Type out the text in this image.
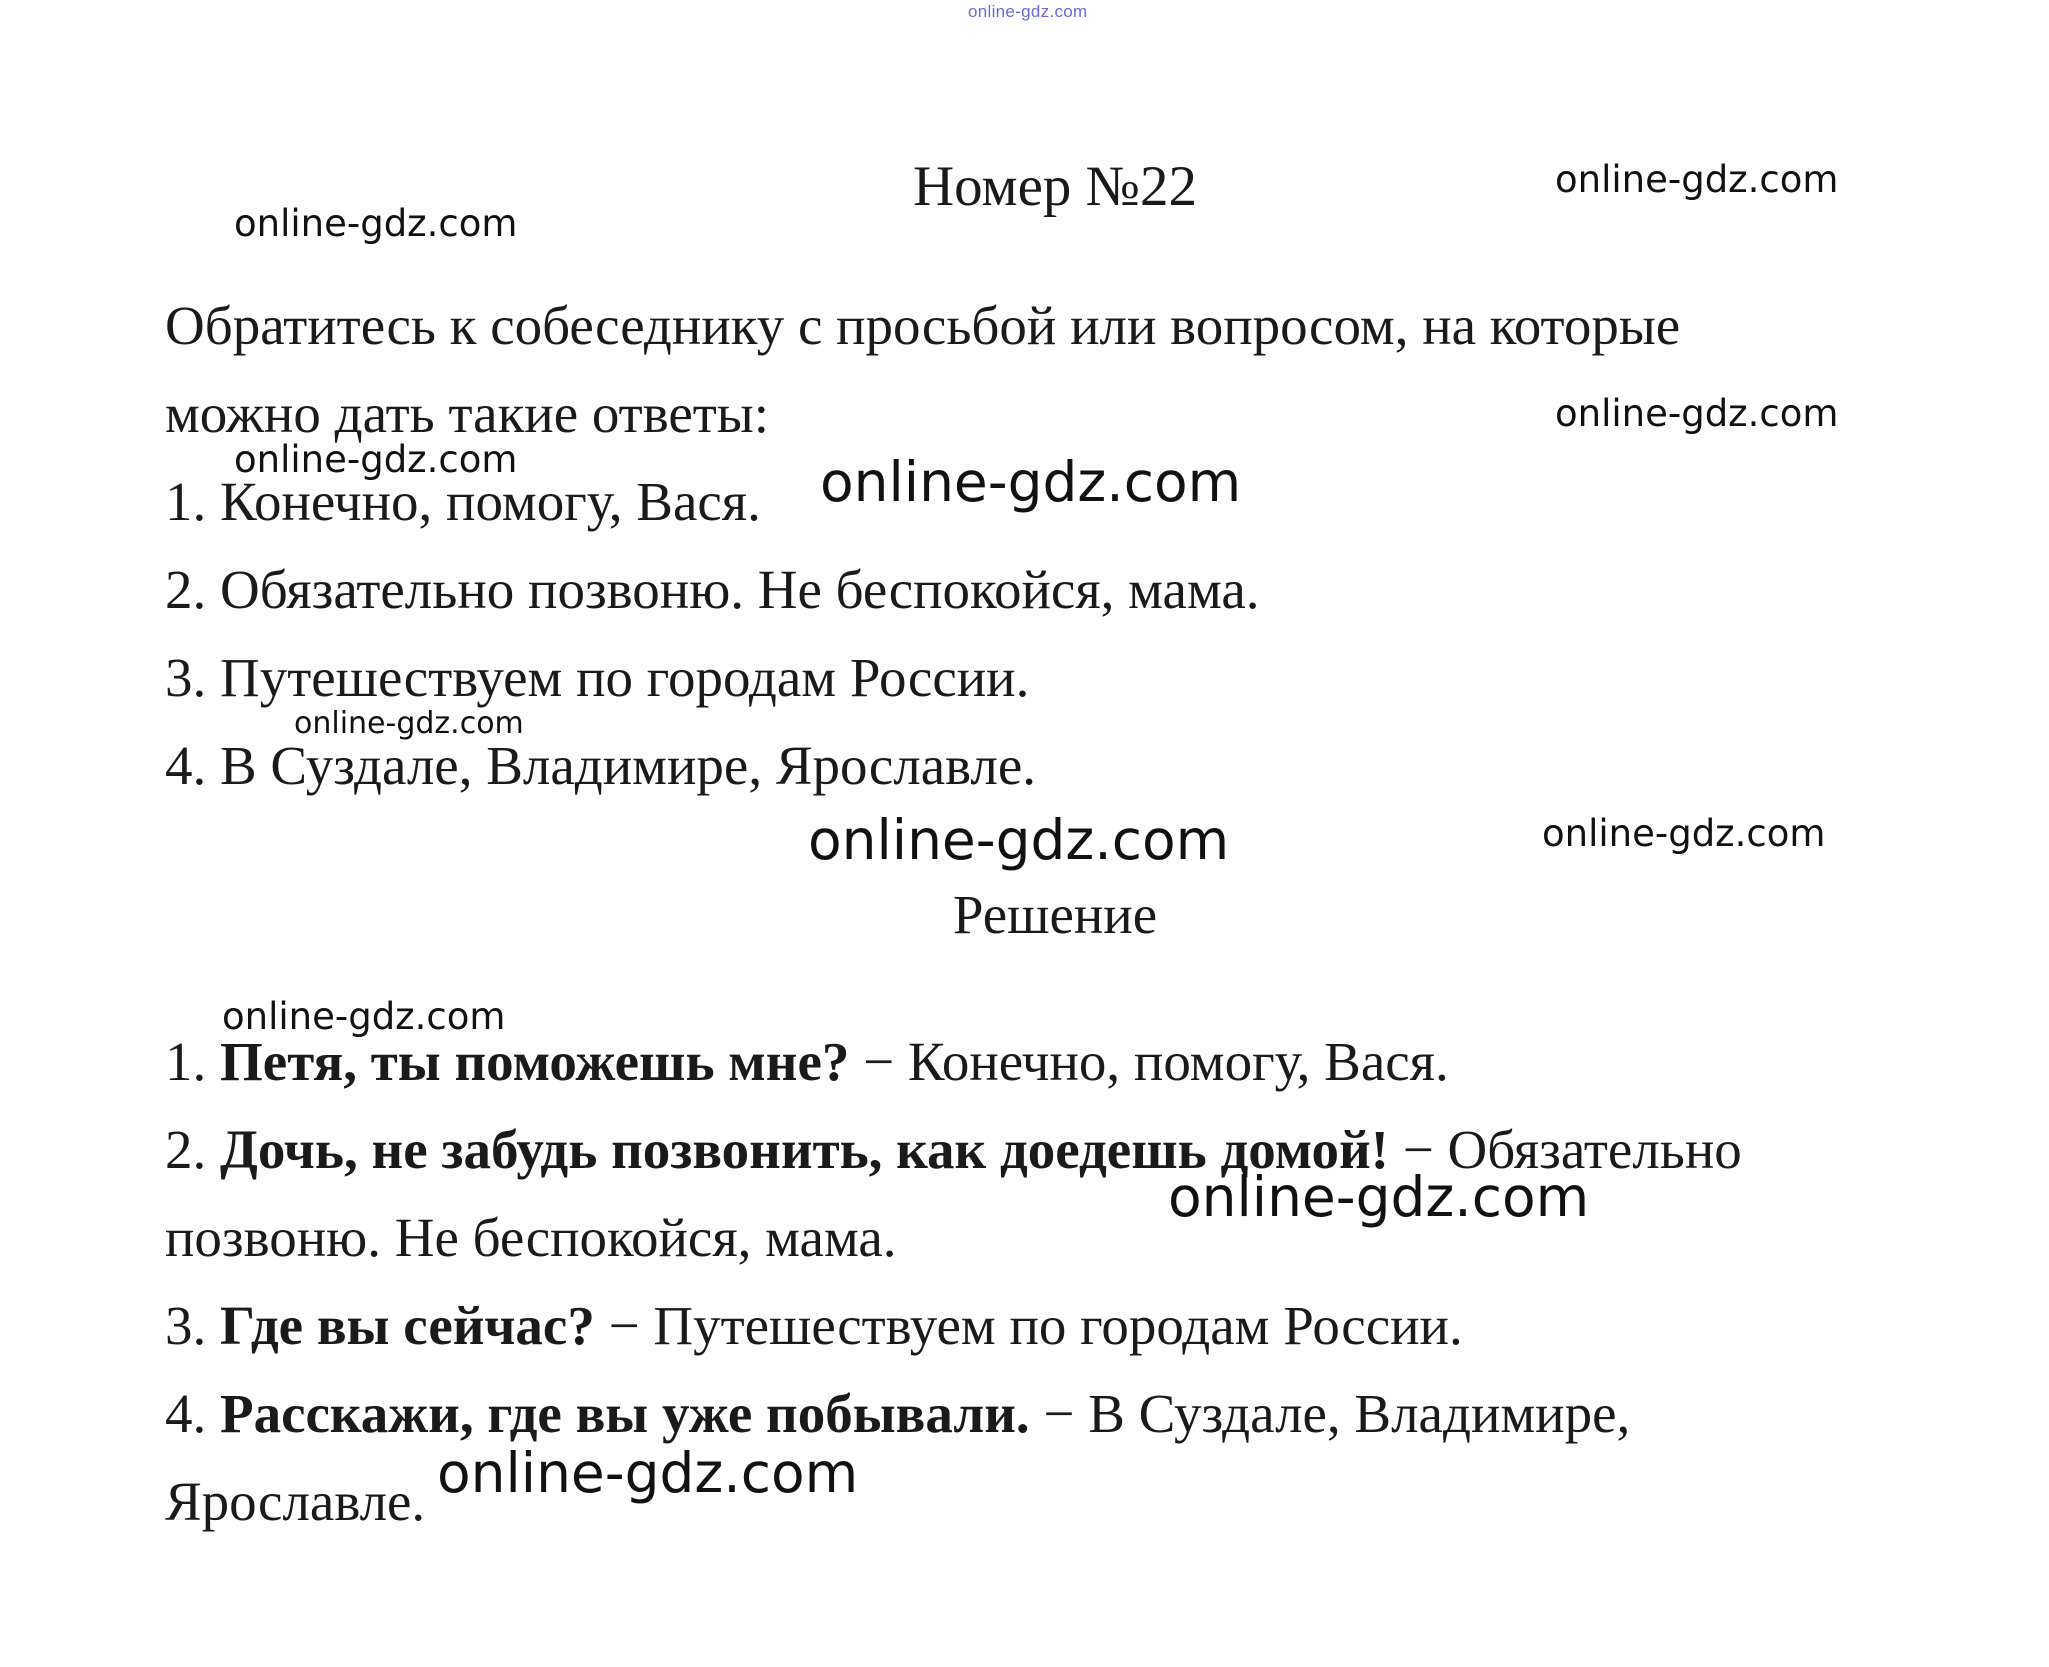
online-gdz.com
Номер №22
Обратитесь к собеседнику с просьбой или вопросом, на которые
можно дать такие ответы:
1. Конечно, помогу, Вася.
2. Обязательно позвоню. Не беспокойся, мама.
3. Путешествуем по городам России.
4. В Суздале, Владимире, Ярославле.
Решение
1. Петя, ты поможешь мне? − Конечно, помогу, Вася.
2. Дочь, не забудь позвонить, как доедешь домой! − Обязательно
позвоню. Не беспокойся, мама.
3. Где вы сейчас? − Путешествуем по городам России.
4. Расскажи, где вы уже побывали. − В Суздале, Владимире,
Ярославле.
online-gdz.com
online-gdz.com
online-gdz.com
online-gdz.com	online-gdz.com
online-gdz.com
online-gdz.com	online-gdz.com
online-gdz.com
online-gdz.com
online-gdz.com
